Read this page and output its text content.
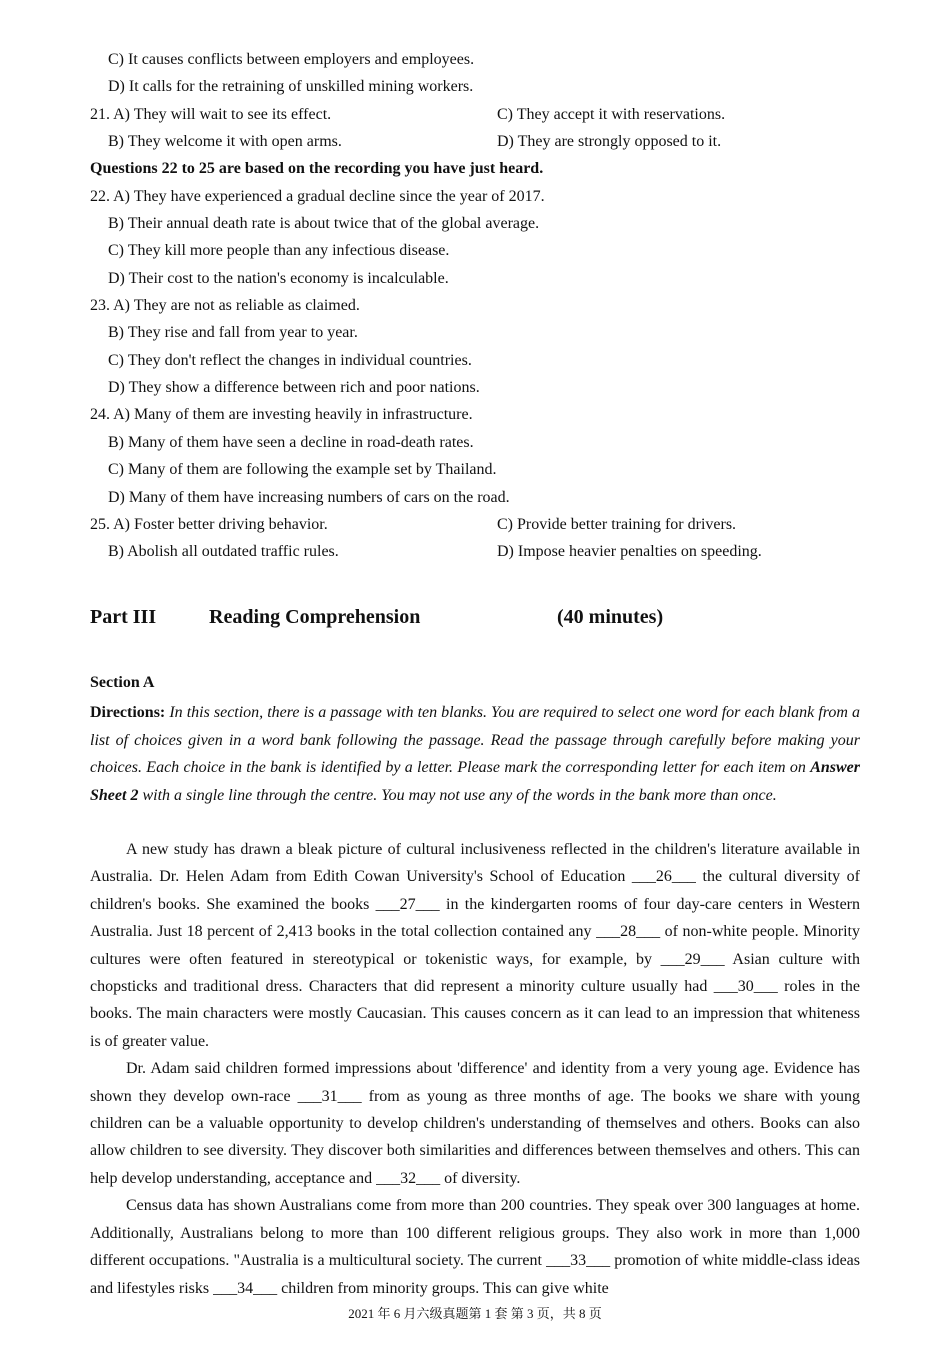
C) It causes conflicts between employers and employees.
D) It calls for the retraining of unskilled mining workers.
21. A) They will wait to see its effect.	C) They accept it with reservations.
B) They welcome it with open arms.	D) They are strongly opposed to it.
Questions 22 to 25 are based on the recording you have just heard.
22. A) They have experienced a gradual decline since the year of 2017.
B) Their annual death rate is about twice that of the global average.
C) They kill more people than any infectious disease.
D) Their cost to the nation's economy is incalculable.
23. A) They are not as reliable as claimed.
B) They rise and fall from year to year.
C) They don't reflect the changes in individual countries.
D) They show a difference between rich and poor nations.
24. A) Many of them are investing heavily in infrastructure.
B) Many of them have seen a decline in road-death rates.
C) Many of them are following the example set by Thailand.
D) Many of them have increasing numbers of cars on the road.
25. A) Foster better driving behavior.	C) Provide better training for drivers.
B) Abolish all outdated traffic rules.	D) Impose heavier penalties on speeding.
Part III	Reading Comprehension	(40 minutes)
Section A
Directions: In this section, there is a passage with ten blanks. You are required to select one word for each blank from a list of choices given in a word bank following the passage. Read the passage through carefully before making your choices. Each choice in the bank is identified by a letter. Please mark the corresponding letter for each item on Answer Sheet 2 with a single line through the centre. You may not use any of the words in the bank more than once.

A new study has drawn a bleak picture of cultural inclusiveness reflected in the children's literature available in Australia. Dr. Helen Adam from Edith Cowan University's School of Education ___26___ the cultural diversity of children's books. She examined the books ___27___ in the kindergarten rooms of four day-care centers in Western Australia. Just 18 percent of 2,413 books in the total collection contained any ___28___ of non-white people. Minority cultures were often featured in stereotypical or tokenistic ways, for example, by ___29___ Asian culture with chopsticks and traditional dress. Characters that did represent a minority culture usually had ___30___ roles in the books. The main characters were mostly Caucasian. This causes concern as it can lead to an impression that whiteness is of greater value.

Dr. Adam said children formed impressions about 'difference' and identity from a very young age. Evidence has shown they develop own-race ___31___ from as young as three months of age. The books we share with young children can be a valuable opportunity to develop children's understanding of themselves and others. Books can also allow children to see diversity. They discover both similarities and differences between themselves and others. This can help develop understanding, acceptance and ___32___ of diversity.

Census data has shown Australians come from more than 200 countries. They speak over 300 languages at home. Additionally, Australians belong to more than 100 different religious groups. They also work in more than 1,000 different occupations. "Australia is a multicultural society. The current ___33___ promotion of white middle-class ideas and lifestyles risks ___34___ children from minority groups. This can give white

2021 年 6 月六级真题第 1 套 第 3 页，共 8 页
